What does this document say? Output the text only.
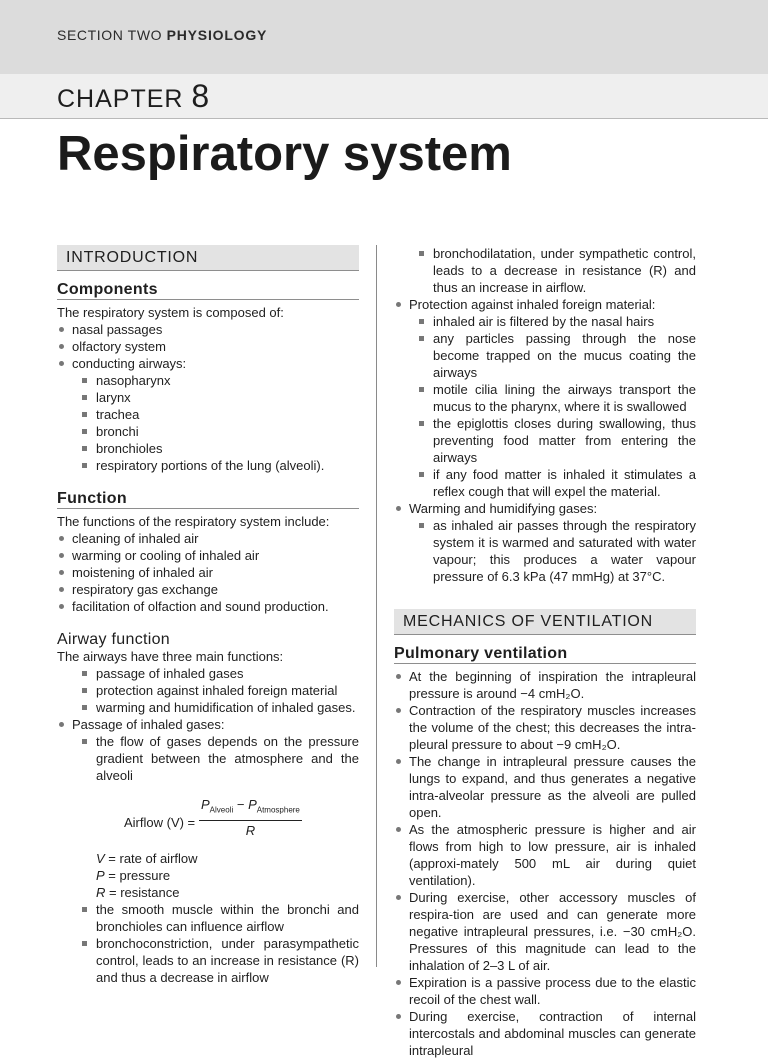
SECTION TWO PHYSIOLOGY
CHAPTER 8
Respiratory system
INTRODUCTION
Components

The respiratory system is composed of:

nasal passages
olfactory system
conducting airways:
nasopharynx
larynx
trachea
bronchi
bronchioles
respiratory portions of the lung (alveoli).
Function

The functions of the respiratory system include:

cleaning of inhaled air
warming or cooling of inhaled air
moistening of inhaled air
respiratory gas exchange
facilitation of olfaction and sound production.
Airway function

The airways have three main functions:

passage of inhaled gases
protection against inhaled foreign material
warming and humidification of inhaled gases.
Passage of inhaled gases:
the flow of gases depends on the pressure gradient between the atmosphere and the alveoli
Airflow (V) =
$P_{Alveoli} - P_{Atmosphere}$
R
V = rate of airflow
P = pressure
R = resistance
the smooth muscle within the bronchi and bronchioles can influence airflow
bronchoconstriction, under parasympathetic control, leads to an increase in resistance (R) and thus a decrease in airflow
bronchodilatation, under sympathetic control, leads to a decrease in resistance (R) and thus an increase in airflow.
Protection against inhaled foreign material:
inhaled air is filtered by the nasal hairs
any particles passing through the nose become trapped on the mucus coating the airways
motile cilia lining the airways transport the mucus to the pharynx, where it is swallowed
the epiglottis closes during swallowing, thus preventing food matter from entering the airways
if any food matter is inhaled it stimulates a reflex cough that will expel the material.
Warming and humidifying gases:
as inhaled air passes through the respiratory system it is warmed and saturated with water vapour; this produces a water vapour pressure of 6.3 kPa (47 mmHg) at 37°C.
MECHANICS OF VENTILATION
Pulmonary ventilation
At the beginning of inspiration the intrapleural pressure is around −4 cmH₂O.
Contraction of the respiratory muscles increases the volume of the chest; this decreases the intra-pleural pressure to about −9 cmH₂O.
The change in intrapleural pressure causes the lungs to expand, and thus generates a negative intra-alveolar pressure as the alveoli are pulled open.
As the atmospheric pressure is higher and air flows from high to low pressure, air is inhaled (approxi-mately 500 mL air during quiet ventilation).
During exercise, other accessory muscles of respira-tion are used and can generate more negative intrapleural pressures, i.e. −30 cmH₂O. Pressures of this magnitude can lead to the inhalation of 2–3 L of air.
Expiration is a passive process due to the elastic recoil of the chest wall.
During exercise, contraction of internal intercostals and abdominal muscles can generate intrapleural
